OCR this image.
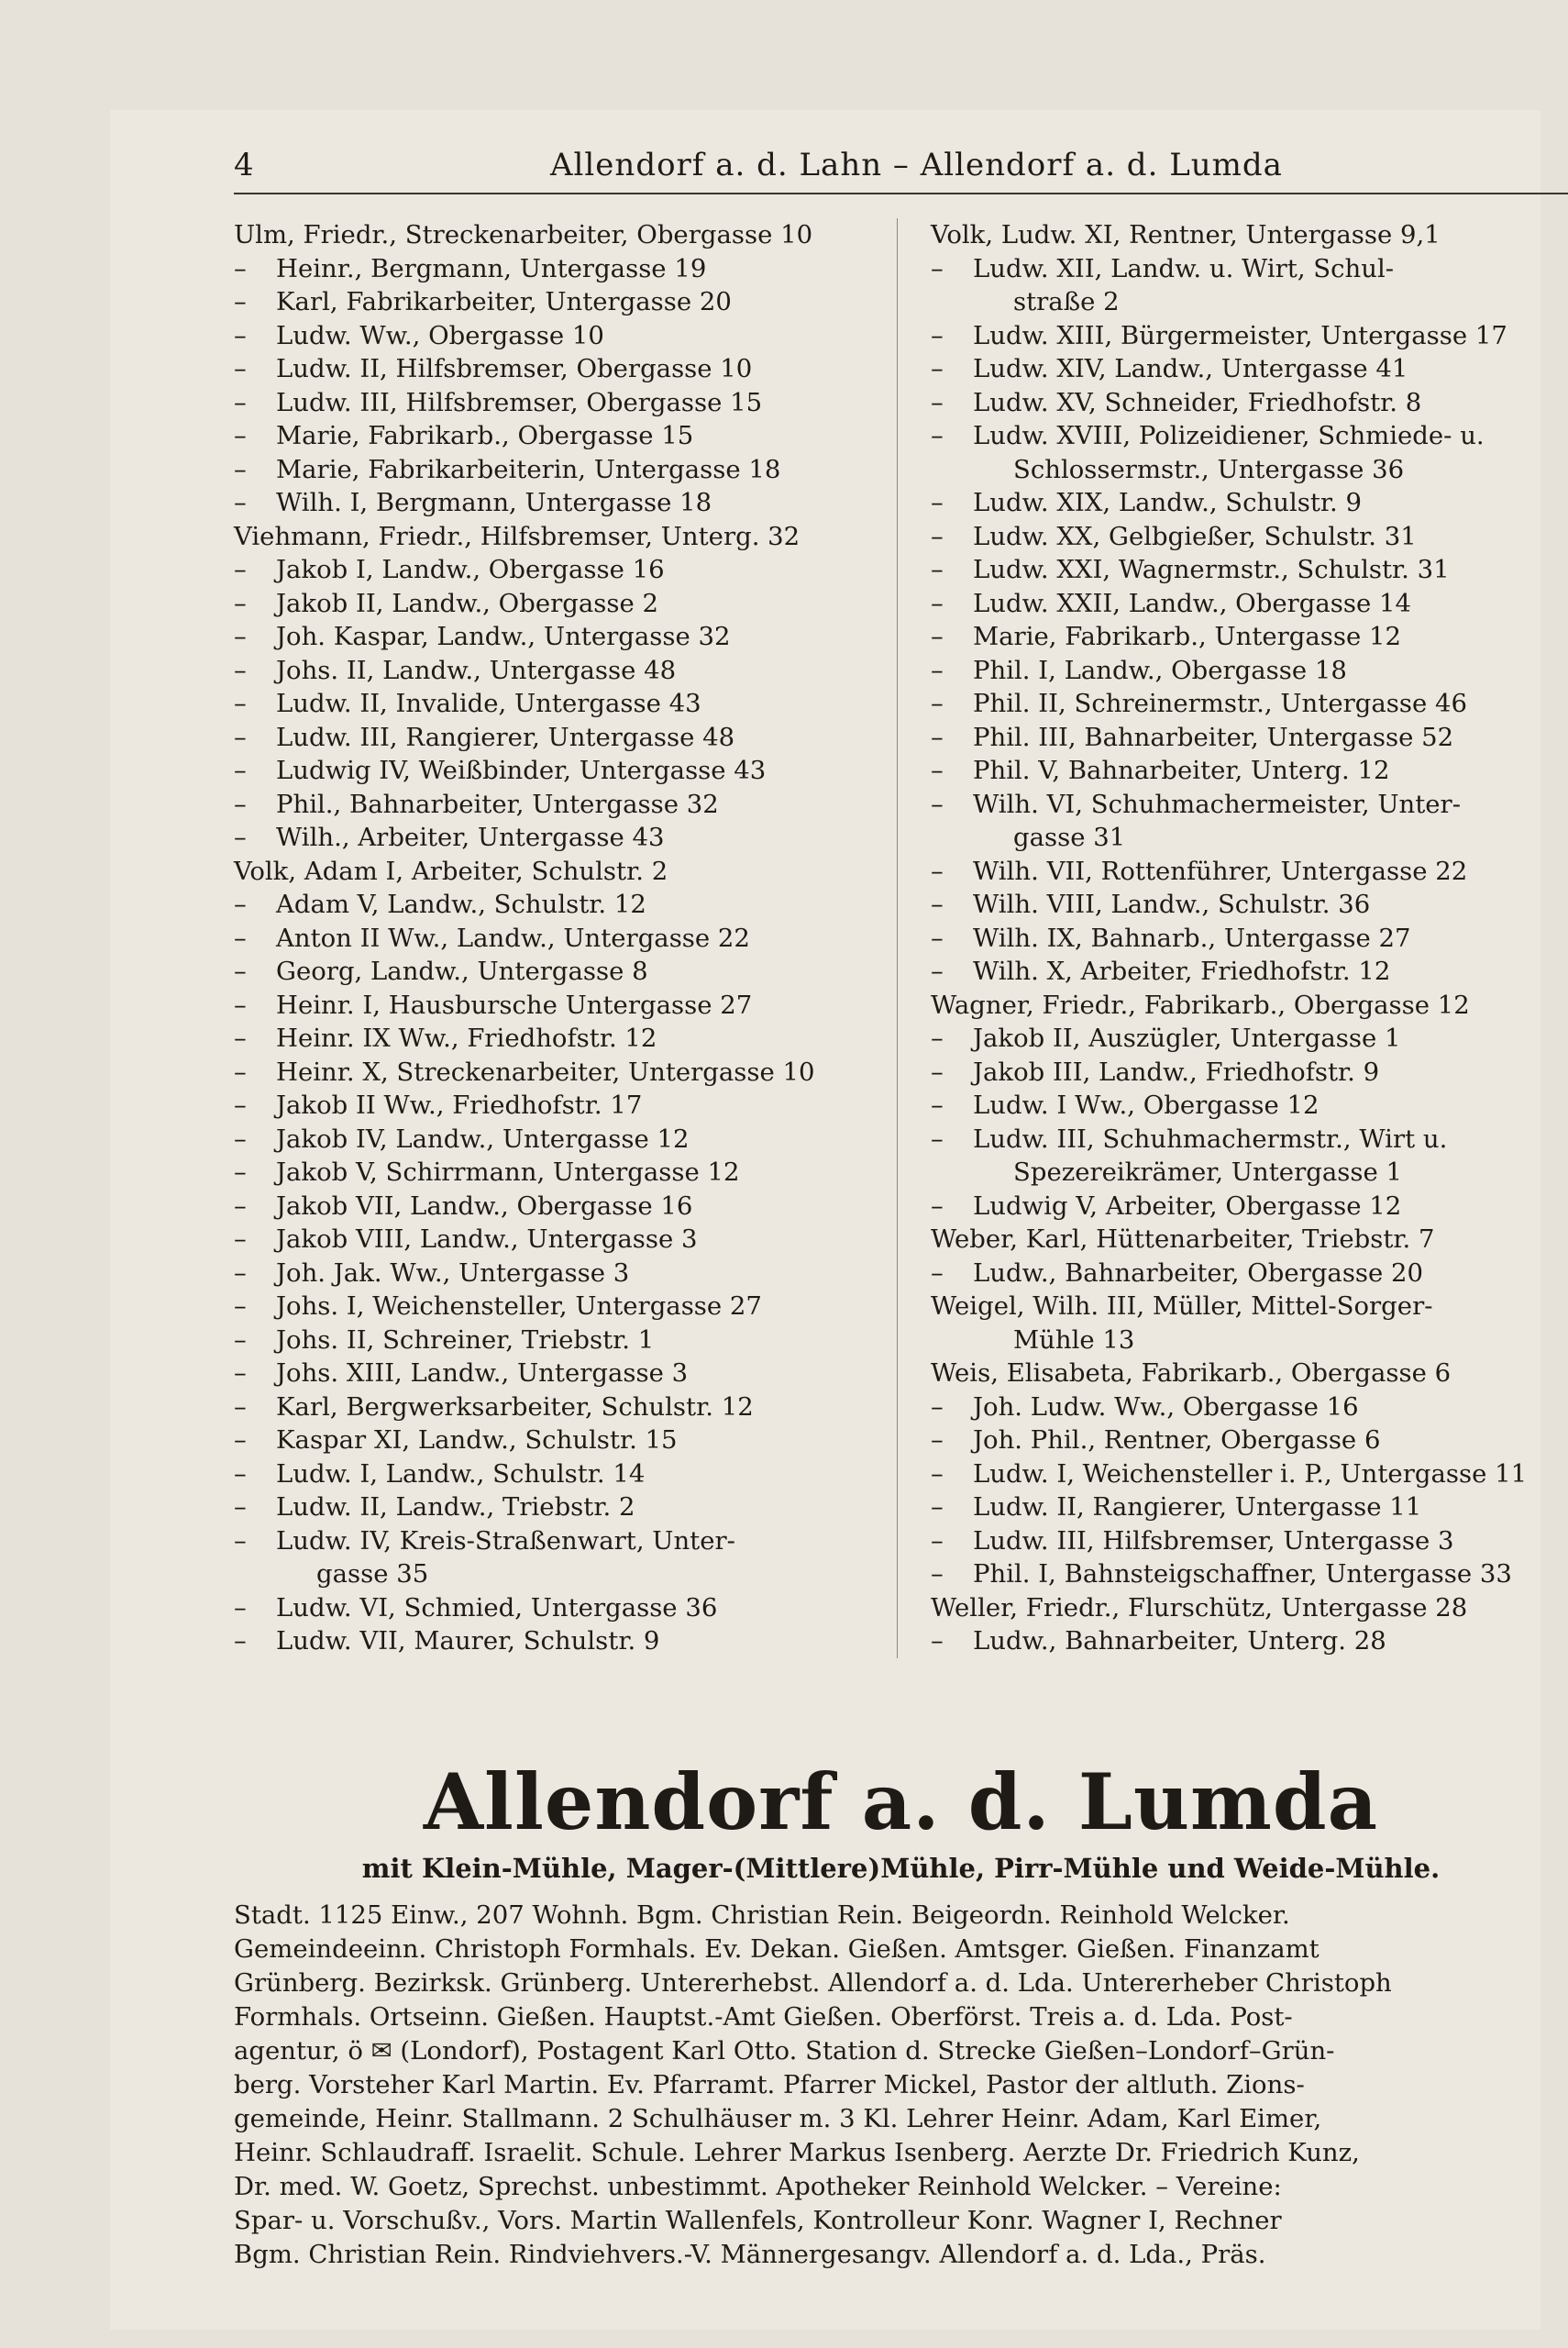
4	Allendorf a. d. Lahn – Allendorf a. d. Lumda
Ulm, Friedr., Streckenarbeiter, Obergasse 10
– Heinr., Bergmann, Untergasse 19
– Karl, Fabrikarbeiter, Untergasse 20
– Ludw. Ww., Obergasse 10
– Ludw. II, Hilfsbremser, Obergasse 10
– Ludw. III, Hilfsbremser, Obergasse 15
– Marie, Fabrikarb., Obergasse 15
– Marie, Fabrikarbeiterin, Untergasse 18
– Wilh. I, Bergmann, Untergasse 18
Viehmann, Friedr., Hilfsbremser, Unterg. 32
– Jakob I, Landw., Obergasse 16
– Jakob II, Landw., Obergasse 2
– Joh. Kaspar, Landw., Untergasse 32
– Johs. II, Landw., Untergasse 48
– Ludw. II, Invalide, Untergasse 43
– Ludw. III, Rangierer, Untergasse 48
– Ludwig IV, Weißbinder, Untergasse 43
– Phil., Bahnarbeiter, Untergasse 32
– Wilh., Arbeiter, Untergasse 43
Volk, Adam I, Arbeiter, Schulstr. 2
– Adam V, Landw., Schulstr. 12
– Anton II Ww., Landw., Untergasse 22
– Georg, Landw., Untergasse 8
– Heinr. I, Hausbursche Untergasse 27
– Heinr. IX Ww., Friedhofstr. 12
– Heinr. X, Streckenarbeiter, Untergasse 10
– Jakob II Ww., Friedhofstr. 17
– Jakob IV, Landw., Untergasse 12
– Jakob V, Schirrmann, Untergasse 12
– Jakob VII, Landw., Obergasse 16
– Jakob VIII, Landw., Untergasse 3
– Joh. Jak. Ww., Untergasse 3
– Johs. I, Weichensteller, Untergasse 27
– Johs. II, Schreiner, Triebstr. 1
– Johs. XIII, Landw., Untergasse 3
– Karl, Bergwerksarbeiter, Schulstr. 12
– Kaspar XI, Landw., Schulstr. 15
– Ludw. I, Landw., Schulstr. 14
– Ludw. II, Landw., Triebstr. 2
– Ludw. IV, Kreis-Straßenwart, Unter-
gasse 35
– Ludw. VI, Schmied, Untergasse 36
– Ludw. VII, Maurer, Schulstr. 9
Volk, Ludw. XI, Rentner, Untergasse 9,1
– Ludw. XII, Landw. u. Wirt, Schul-
straße 2
– Ludw. XIII, Bürgermeister, Untergasse 17
– Ludw. XIV, Landw., Untergasse 41
– Ludw. XV, Schneider, Friedhofstr. 8
– Ludw. XVIII, Polizeidiener, Schmiede- u.
Schlossermstr., Untergasse 36
– Ludw. XIX, Landw., Schulstr. 9
– Ludw. XX, Gelbgießer, Schulstr. 31
– Ludw. XXI, Wagnermstr., Schulstr. 31
– Ludw. XXII, Landw., Obergasse 14
– Marie, Fabrikarb., Untergasse 12
– Phil. I, Landw., Obergasse 18
– Phil. II, Schreinermstr., Untergasse 46
– Phil. III, Bahnarbeiter, Untergasse 52
– Phil. V, Bahnarbeiter, Unterg. 12
– Wilh. VI, Schuhmachermeister, Unter-
gasse 31
– Wilh. VII, Rottenführer, Untergasse 22
– Wilh. VIII, Landw., Schulstr. 36
– Wilh. IX, Bahnarb., Untergasse 27
– Wilh. X, Arbeiter, Friedhofstr. 12
Wagner, Friedr., Fabrikarb., Obergasse 12
– Jakob II, Auszügler, Untergasse 1
– Jakob III, Landw., Friedhofstr. 9
– Ludw. I Ww., Obergasse 12
– Ludw. III, Schuhmachermstr., Wirt u.
Spezereikrämer, Untergasse 1
– Ludwig V, Arbeiter, Obergasse 12
Weber, Karl, Hüttenarbeiter, Triebstr. 7
– Ludw., Bahnarbeiter, Obergasse 20
Weigel, Wilh. III, Müller, Mittel-Sorger-
Mühle 13
Weis, Elisabeta, Fabrikarb., Obergasse 6
– Joh. Ludw. Ww., Obergasse 16
– Joh. Phil., Rentner, Obergasse 6
– Ludw. I, Weichensteller i. P., Untergasse 11
– Ludw. II, Rangierer, Untergasse 11
– Ludw. III, Hilfsbremser, Untergasse 3
– Phil. I, Bahnsteigschaffner, Untergasse 33
Weller, Friedr., Flurschütz, Untergasse 28
– Ludw., Bahnarbeiter, Unterg. 28
Allendorf a. d. Lumda
mit Klein-Mühle, Mager-(Mittlere)Mühle, Pirr-Mühle und Weide-Mühle.
Stadt. 1125 Einw., 207 Wohnh. Bgm. Christian Rein. Beigeordn. Reinhold Welcker.
Gemeindeeinn. Christoph Formhals. Ev. Dekan. Gießen. Amtsger. Gießen. Finanzamt
Grünberg. Bezirksk. Grünberg. Untererhebst. Allendorf a. d. Lda. Untererheber Christoph
Formhals. Ortseinn. Gießen. Hauptst.-Amt Gießen. Oberförst. Treis a. d. Lda. Post-
agentur, ö ✉ (Londorf), Postagent Karl Otto. Station d. Strecke Gießen–Londorf–Grün-
berg. Vorsteher Karl Martin. Ev. Pfarramt. Pfarrer Mickel, Pastor der altluth. Zions-
gemeinde, Heinr. Stallmann. 2 Schulhäuser m. 3 Kl. Lehrer Heinr. Adam, Karl Eimer,
Heinr. Schlaudraff. Israelit. Schule. Lehrer Markus Isenberg. Aerzte Dr. Friedrich Kunz,
Dr. med. W. Goetz, Sprechst. unbestimmt. Apotheker Reinhold Welcker. – Vereine:
Spar- u. Vorschußv., Vors. Martin Wallenfels, Kontrolleur Konr. Wagner I, Rechner
Bgm. Christian Rein. Rindviehvers.-V. Männergesangv. Allendorf a. d. Lda., Präs.
